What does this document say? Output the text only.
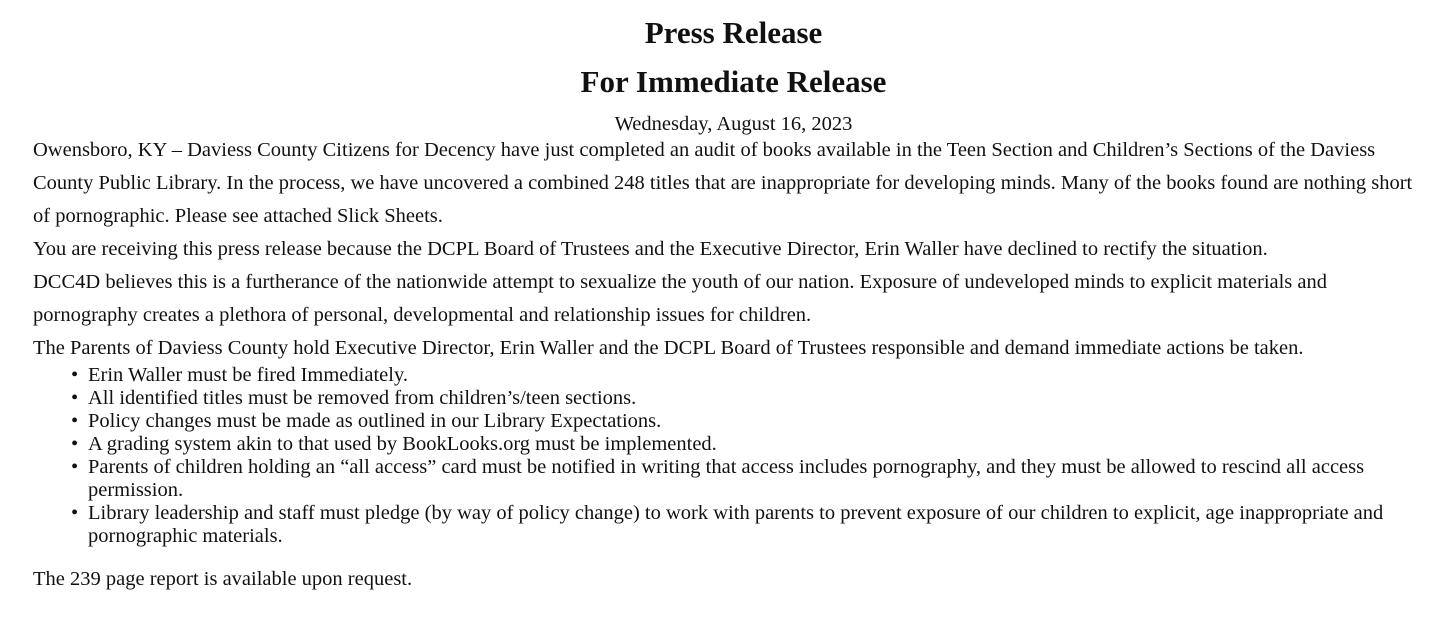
Press Release
For Immediate Release

Wednesday, August 16, 2023

Owensboro, KY – Daviess County Citizens for Decency have just completed an audit of books available in the Teen Section and Children’s Sections of the Daviess County Public Library. In the process, we have uncovered a combined 248 titles that are inappropriate for developing minds. Many of the books found are nothing short of pornographic. Please see attached Slick Sheets.

You are receiving this press release because the DCPL Board of Trustees and the Executive Director, Erin Waller have declined to rectify the situation.

DCC4D believes this is a furtherance of the nationwide attempt to sexualize the youth of our nation. Exposure of undeveloped minds to explicit materials and pornography creates a plethora of personal, developmental and relationship issues for children.

The Parents of Daviess County hold Executive Director, Erin Waller and the DCPL Board of Trustees responsible and demand immediate actions be taken.

• Erin Waller must be fired Immediately.
• All identified titles must be removed from children’s/teen sections.
• Policy changes must be made as outlined in our Library Expectations.
• A grading system akin to that used by BookLooks.org must be implemented.
• Parents of children holding an “all access” card must be notified in writing that access includes pornography, and they must be allowed to rescind all access permission.
• Library leadership and staff must pledge (by way of policy change) to work with parents to prevent exposure of our children to explicit, age inappropriate and pornographic materials.

The 239 page report is available upon request.
